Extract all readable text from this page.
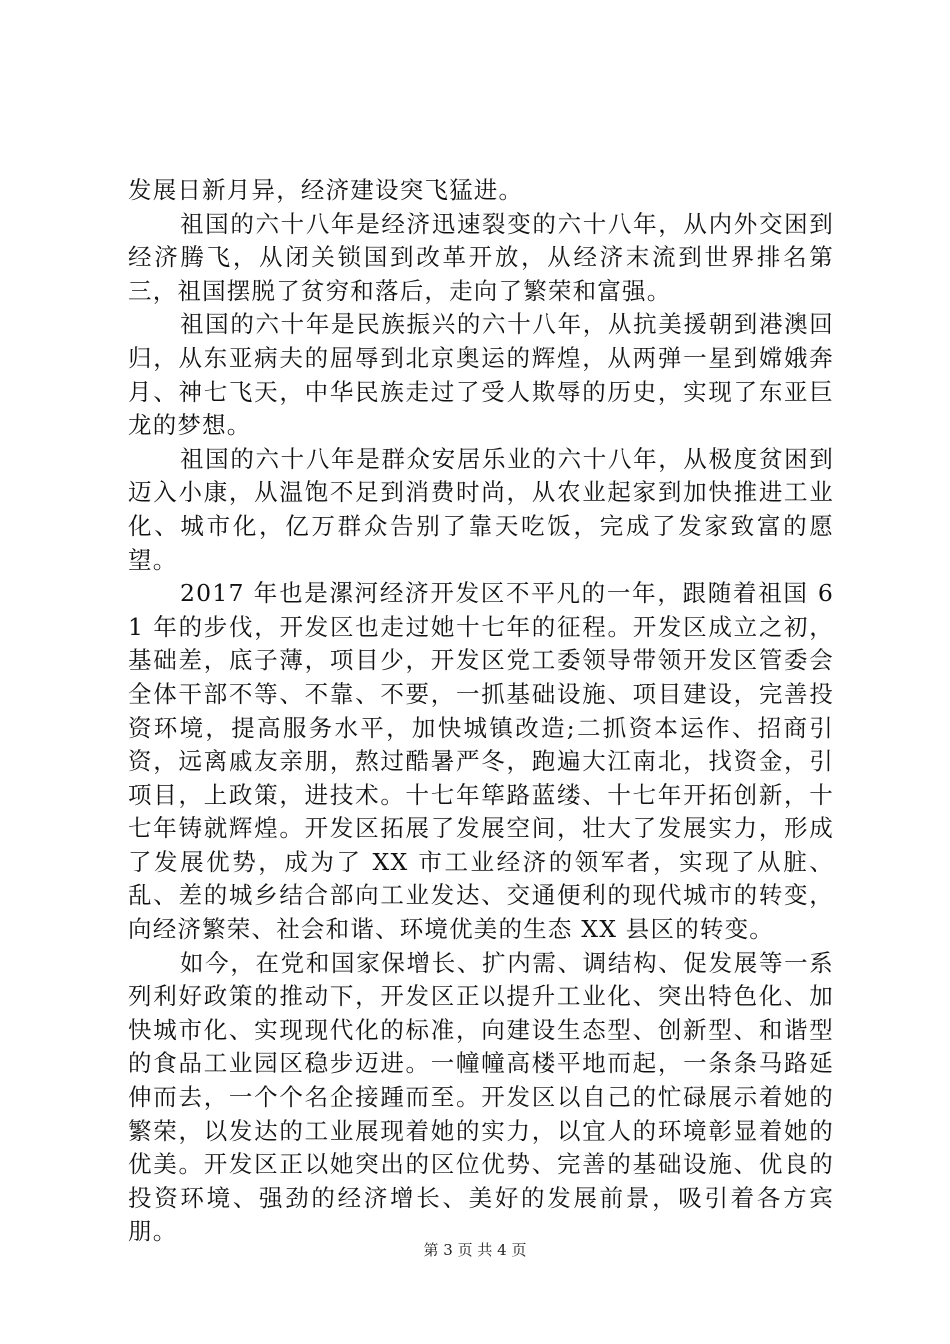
发展日新月异，经济建设突飞猛进。

祖国的六十八年是经济迅速裂变的六十八年，从内外交困到经济腾飞，从闭关锁国到改革开放，从经济末流到世界排名第三，祖国摆脱了贫穷和落后，走向了繁荣和富强。

祖国的六十年是民族振兴的六十八年，从抗美援朝到港澳回归，从东亚病夫的屈辱到北京奥运的辉煌，从两弹一星到嫦娥奔月、神七飞天，中华民族走过了受人欺辱的历史，实现了东亚巨龙的梦想。

祖国的六十八年是群众安居乐业的六十八年，从极度贫困到迈入小康，从温饱不足到消费时尚，从农业起家到加快推进工业化、城市化，亿万群众告别了靠天吃饭，完成了发家致富的愿望。

2017 年也是漯河经济开发区不平凡的一年，跟随着祖国 61 年的步伐，开发区也走过她十七年的征程。开发区成立之初，基础差，底子薄，项目少，开发区党工委领导带领开发区管委会全体干部不等、不靠、不要，一抓基础设施、项目建设，完善投资环境，提高服务水平，加快城镇改造;二抓资本运作、招商引资，远离戚友亲朋，熬过酷暑严冬，跑遍大江南北，找资金，引项目，上政策，进技术。十七年筚路蓝缕、十七年开拓创新，十七年铸就辉煌。开发区拓展了发展空间，壮大了发展实力，形成了发展优势，成为了 XX 市工业经济的领军者，实现了从脏、乱、差的城乡结合部向工业发达、交通便利的现代城市的转变，向经济繁荣、社会和谐、环境优美的生态 XX 县区的转变。

如今，在党和国家保增长、扩内需、调结构、促发展等一系列利好政策的推动下，开发区正以提升工业化、突出特色化、加快城市化、实现现代化的标准，向建设生态型、创新型、和谐型的食品工业园区稳步迈进。一幢幢高楼平地而起，一条条马路延伸而去，一个个名企接踵而至。开发区以自己的忙碌展示着她的繁荣，以发达的工业展现着她的实力，以宜人的环境彰显着她的优美。开发区正以她突出的区位优势、完善的基础设施、优良的投资环境、强劲的经济增长、美好的发展前景，吸引着各方宾朋。

第 3 页 共 4 页
